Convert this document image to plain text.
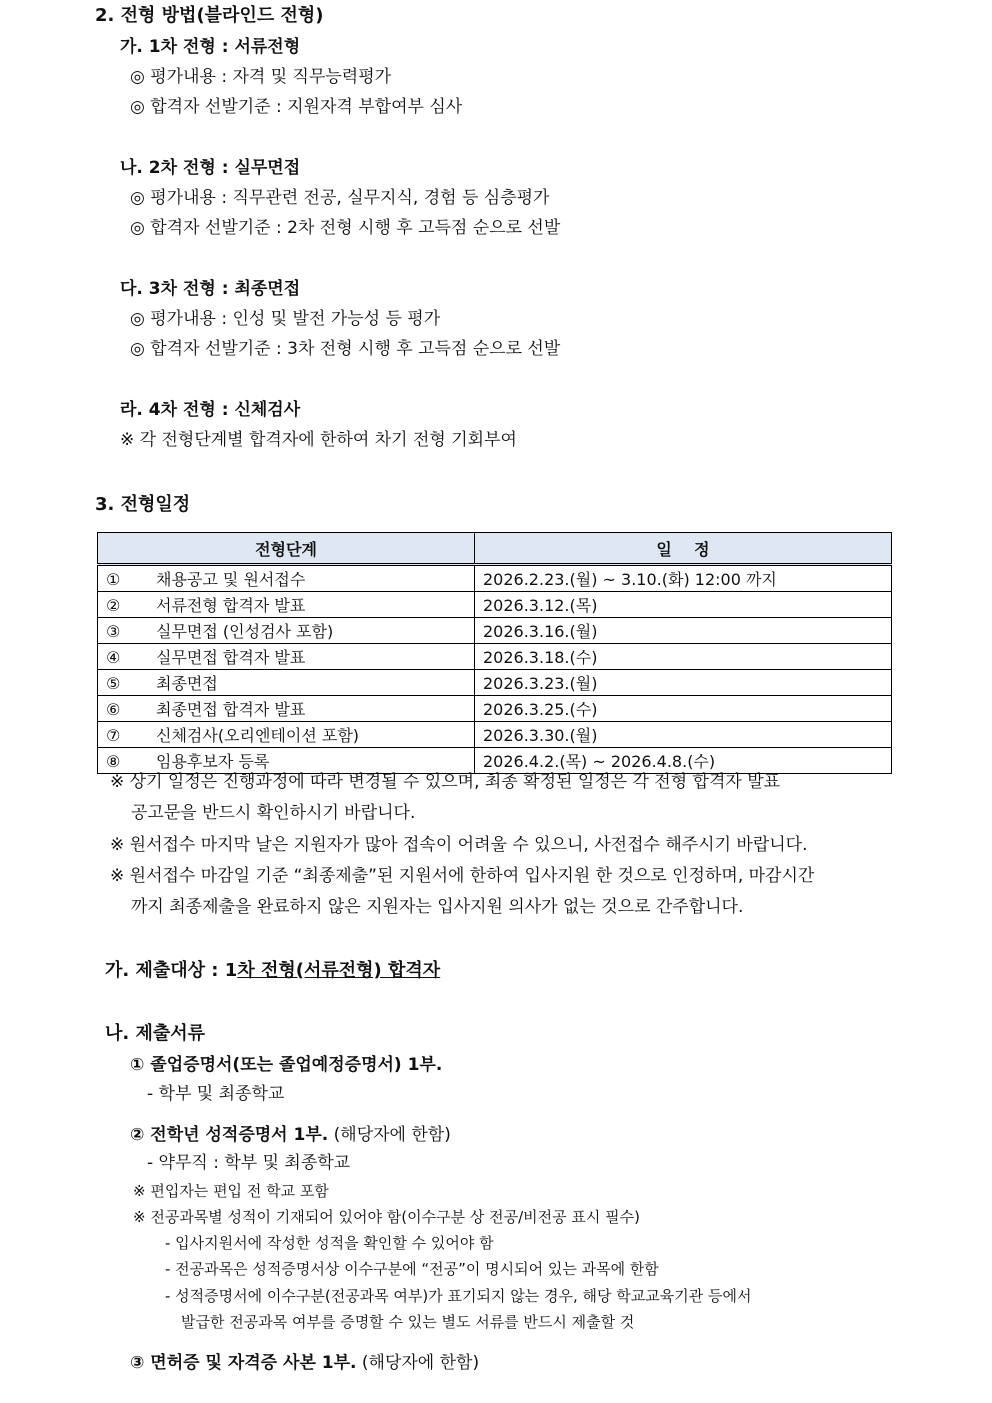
2. 전형 방법(블라인드 전형)
가. 1차 전형 : 서류전형
◎ 평가내용 : 자격 및 직무능력평가
◎ 합격자 선발기준 : 지원자격 부합여부 심사
나. 2차 전형 : 실무면접
◎ 평가내용 : 직무관련 전공, 실무지식, 경험 등 심층평가
◎ 합격자 선발기준 : 2차 전형 시행 후 고득점 순으로 선발
다. 3차 전형 : 최종면접
◎ 평가내용 : 인성 및 발전 가능성 등 평가
◎ 합격자 선발기준 : 3차 전형 시행 후 고득점 순으로 선발
라. 4차 전형 : 신체검사
※ 각 전형단계별 합격자에 한하여 차기 전형 기회부여
3. 전형일정
전형단계	일    정
① 채용공고 및 원서접수	2026.2.23.(월) ~ 3.10.(화) 12:00 까지
② 서류전형 합격자 발표	2026.3.12.(목)
③ 실무면접 (인성검사 포함)	2026.3.16.(월)
④ 실무면접 합격자 발표	2026.3.18.(수)
⑤ 최종면접	2026.3.23.(월)
⑥ 최종면접 합격자 발표	2026.3.25.(수)
⑦ 신체검사(오리엔테이션 포함)	2026.3.30.(월)
⑧ 임용후보자 등록	2026.4.2.(목) ~ 2026.4.8.(수)
※ 상기 일정은 진행과정에 따라 변경될 수 있으며, 최종 확정된 일정은 각 전형 합격자 발표
공고문을 반드시 확인하시기 바랍니다.
※ 원서접수 마지막 날은 지원자가 많아 접속이 어려울 수 있으니, 사전접수 해주시기 바랍니다.
※ 원서접수 마감일 기준 “최종제출”된 지원서에 한하여 입사지원 한 것으로 인정하며, 마감시간
까지 최종제출을 완료하지 않은 지원자는 입사지원 의사가 없는 것으로 간주합니다.
가. 제출대상 : 1차 전형(서류전형) 합격자
나. 제출서류
① 졸업증명서(또는 졸업예정증명서) 1부.
- 학부 및 최종학교
② 전학년 성적증명서 1부. (해당자에 한함)
- 약무직 : 학부 및 최종학교
※ 편입자는 편입 전 학교 포함
※ 전공과목별 성적이 기재되어 있어야 함(이수구분 상 전공/비전공 표시 필수)
- 입사지원서에 작성한 성적을 확인할 수 있어야 함
- 전공과목은 성적증명서상 이수구분에 “전공”이 명시되어 있는 과목에 한함
- 성적증명서에 이수구분(전공과목 여부)가 표기되지 않는 경우, 해당 학교교육기관 등에서
발급한 전공과목 여부를 증명할 수 있는 별도 서류를 반드시 제출할 것
③ 면허증 및 자격증 사본 1부. (해당자에 한함)
